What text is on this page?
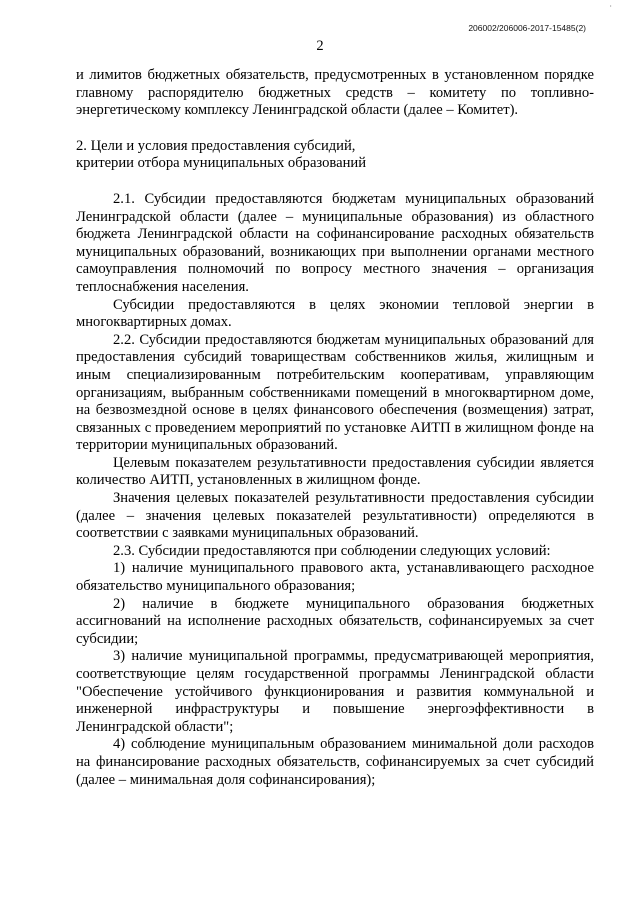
·
206002/206006-2017-15485(2)
2

и лимитов бюджетных обязательств, предусмотренных в установленном порядке главному распорядителю бюджетных средств – комитету по топливно-энергетическому комплексу Ленинградской области (далее – Комитет).

2. Цели и условия предоставления субсидий,

критерии отбора муниципальных образований

2.1. Субсидии предоставляются бюджетам муниципальных образований Ленинградской области (далее – муниципальные образования) из областного бюджета Ленинградской области на софинансирование расходных обязательств муниципальных образований, возникающих при выполнении органами местного самоуправления полномочий по вопросу местного значения – организация теплоснабжения населения.

Субсидии предоставляются в целях экономии тепловой энергии в многоквартирных домах.

2.2. Субсидии предоставляются бюджетам муниципальных образований для предоставления субсидий товариществам собственников жилья, жилищным и иным специализированным потребительским кооперативам, управляющим организациям, выбранным собственниками помещений в многоквартирном доме, на безвозмездной основе в целях финансового обеспечения (возмещения) затрат, связанных с проведением мероприятий по установке АИТП в жилищном фонде на территории муниципальных образований.

Целевым показателем результативности предоставления субсидии является количество АИТП, установленных в жилищном фонде.

Значения целевых показателей результативности предоставления субсидии (далее – значения целевых показателей результативности) определяются в соответствии с заявками муниципальных образований.

2.3. Субсидии предоставляются при соблюдении следующих условий:

1) наличие муниципального правового акта, устанавливающего расходное обязательство муниципального образования;

2) наличие в бюджете муниципального образования бюджетных ассигнований на исполнение расходных обязательств, софинансируемых за счет субсидии;

3) наличие муниципальной программы, предусматривающей мероприятия, соответствующие целям государственной программы Ленинградской области "Обеспечение устойчивого функционирования и развития коммунальной и инженерной инфраструктуры и повышение энергоэффективности в Ленинградской области";

4) соблюдение муниципальным образованием минимальной доли расходов на финансирование расходных обязательств, софинансируемых за счет субсидий (далее – минимальная доля софинансирования);
